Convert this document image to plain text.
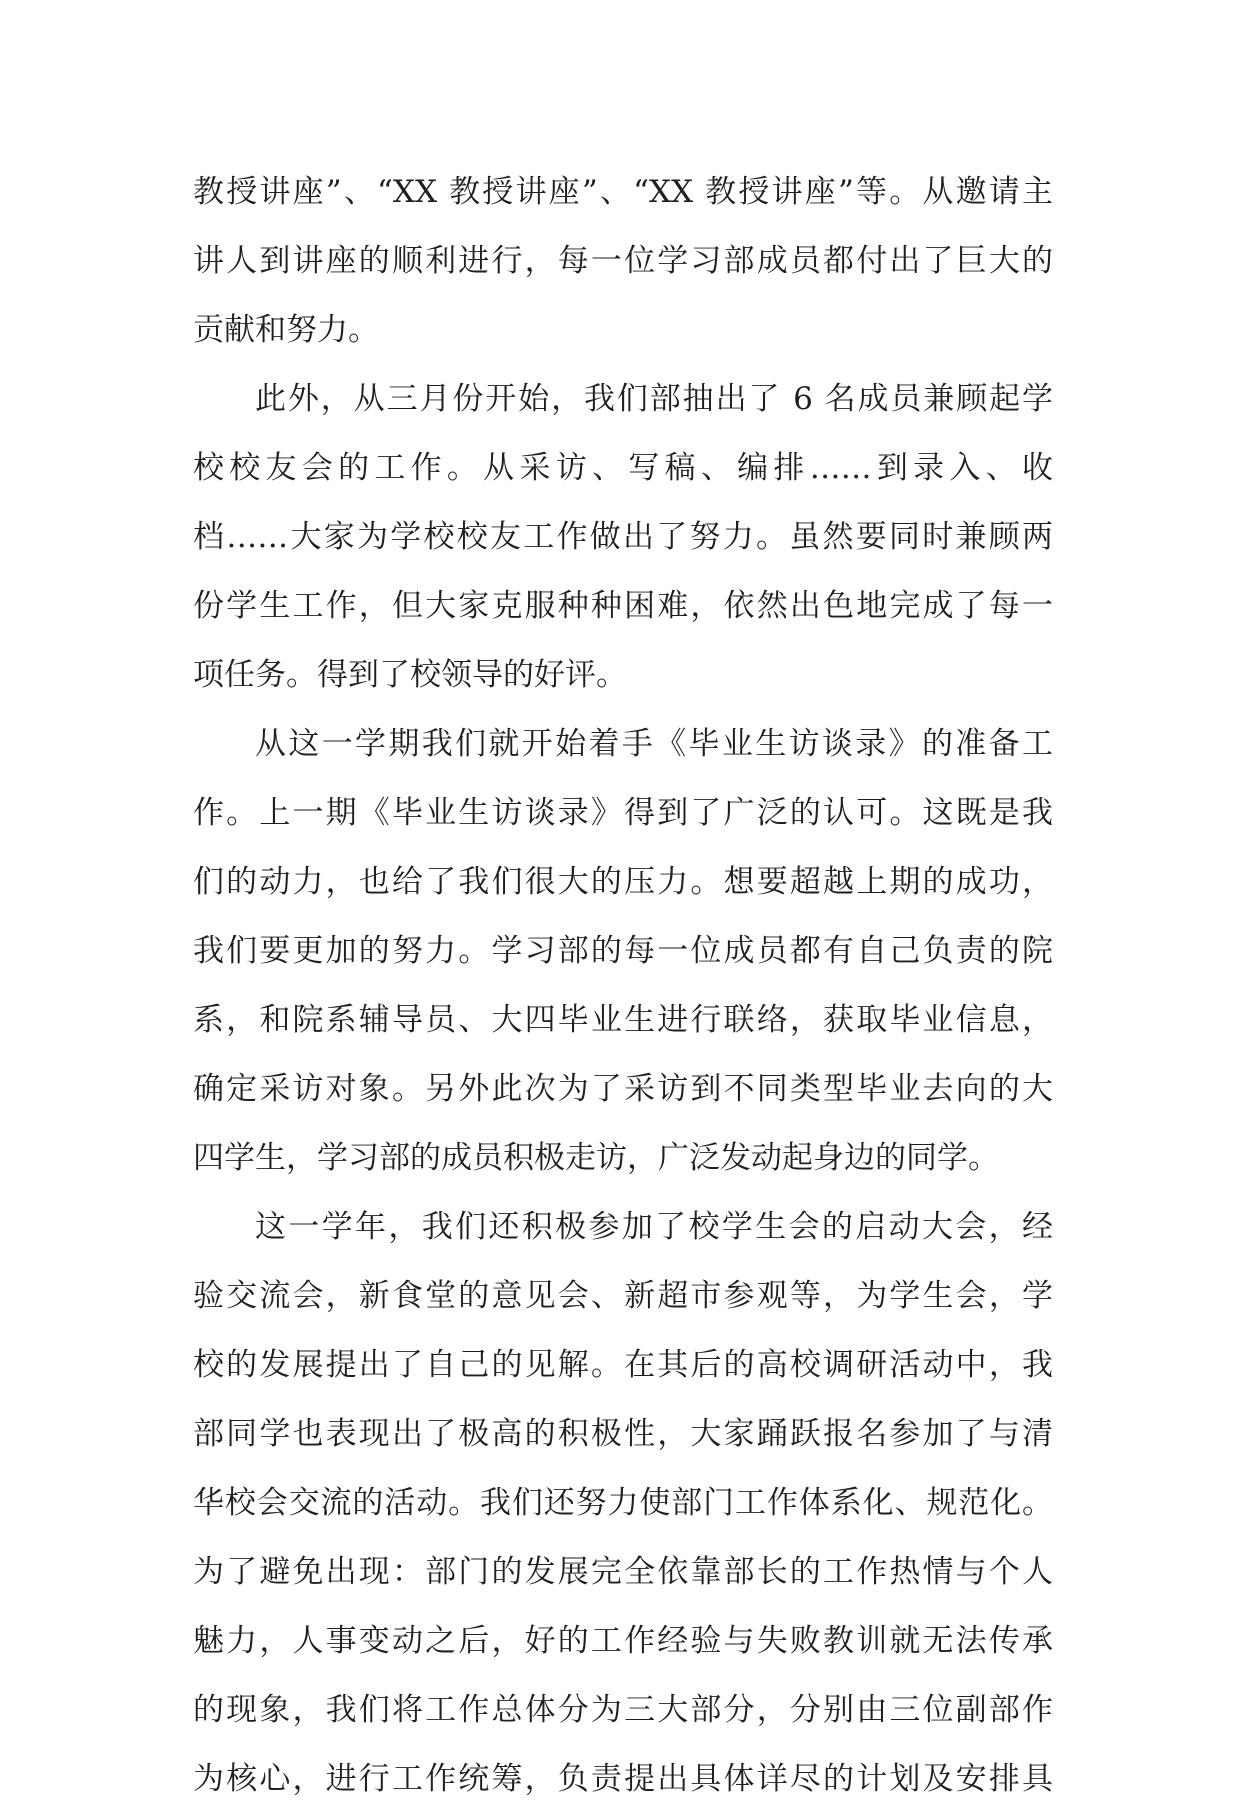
教授讲座”、“XX 教授讲座”、“XX 教授讲座”等。从邀请主
讲人到讲座的顺利进行，每一位学习部成员都付出了巨大的
贡献和努力。
此外，从三月份开始，我们部抽出了 6 名成员兼顾起学
校校友会的工作。从采访、写稿、编排……到录入、收
档……大家为学校校友工作做出了努力。虽然要同时兼顾两
份学生工作，但大家克服种种困难，依然出色地完成了每一
项任务。得到了校领导的好评。
从这一学期我们就开始着手《毕业生访谈录》的准备工
作。上一期《毕业生访谈录》得到了广泛的认可。这既是我
们的动力，也给了我们很大的压力。想要超越上期的成功，
我们要更加的努力。学习部的每一位成员都有自己负责的院
系，和院系辅导员、大四毕业生进行联络，获取毕业信息，
确定采访对象。另外此次为了采访到不同类型毕业去向的大
四学生，学习部的成员积极走访，广泛发动起身边的同学。
这一学年，我们还积极参加了校学生会的启动大会，经
验交流会，新食堂的意见会、新超市参观等，为学生会，学
校的发展提出了自己的见解。在其后的高校调研活动中，我
部同学也表现出了极高的积极性，大家踊跃报名参加了与清
华校会交流的活动。我们还努力使部门工作体系化、规范化。
为了避免出现：部门的发展完全依靠部长的工作热情与个人
魅力，人事变动之后，好的工作经验与失败教训就无法传承
的现象，我们将工作总体分为三大部分，分别由三位副部作
为核心，进行工作统筹，负责提出具体详尽的计划及安排具
